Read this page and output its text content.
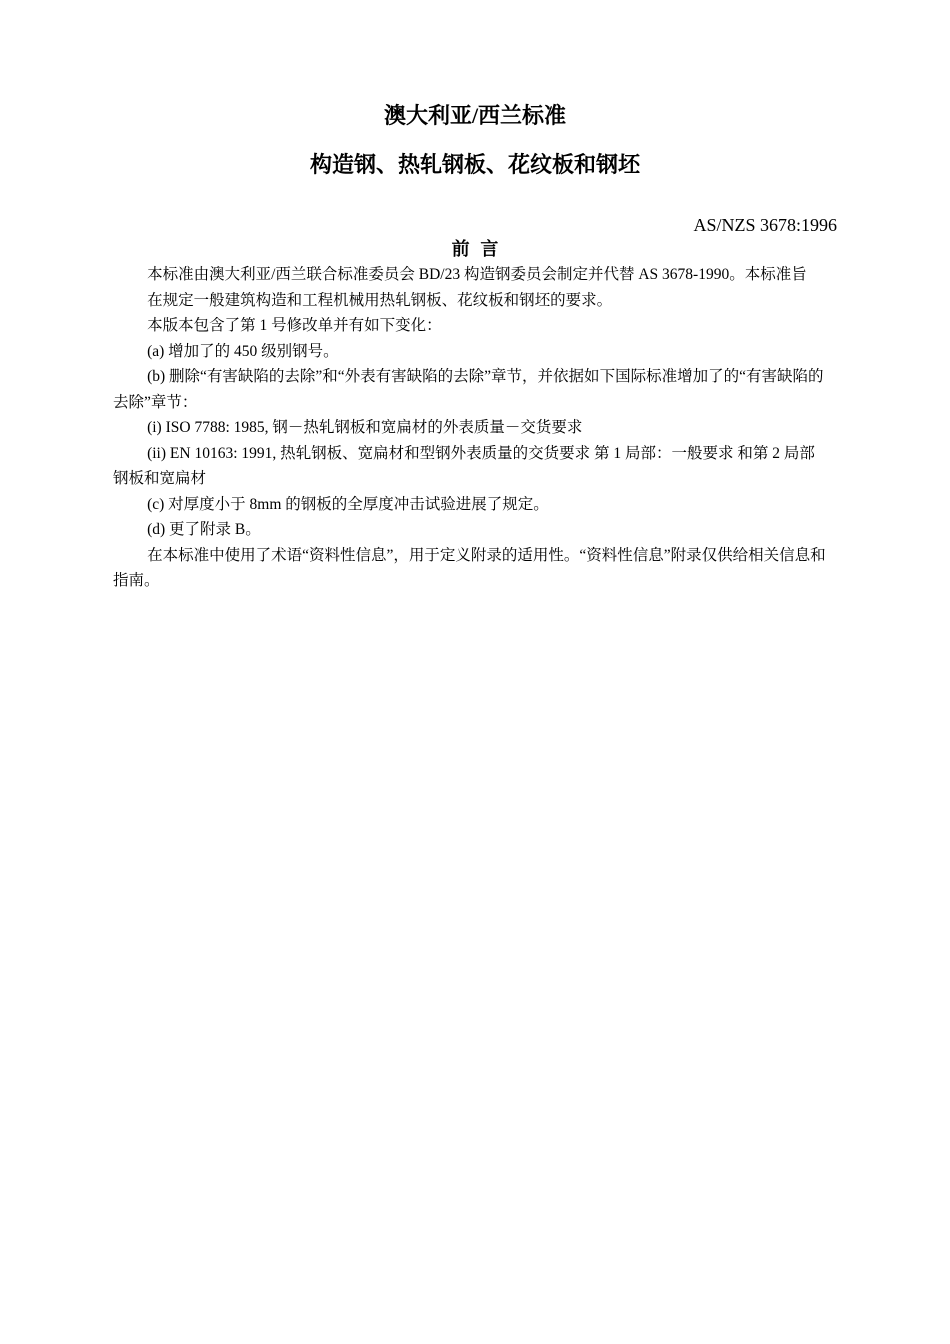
澳大利亚/西兰标准
构造钢、热轧钢板、花纹板和钢坯
AS/NZS 3678:1996
前言

本标准由澳大利亚/西兰联合标准委员会 BD/23 构造钢委员会制定并代替 AS 3678-1990。本标准旨在规定一般建筑构造和工程机械用热轧钢板、花纹板和钢坯的要求。

本版本包含了第 1 号修改单并有如下变化：

(a) 增加了的 450 级别钢号。

(b) 删除“有害缺陷的去除”和“外表有害缺陷的去除”章节，并依据如下国际标准增加了的“有害缺陷的去除”章节：

(i) ISO 7788: 1985, 钢－热轧钢板和宽扁材的外表质量－交货要求

(ii) EN 10163: 1991, 热轧钢板、宽扁材和型钢外表质量的交货要求 第 1 局部：一般要求 和第 2 局部 钢板和宽扁材

(c) 对厚度小于 8mm 的钢板的全厚度冲击试验进展了规定。

(d) 更了附录 B。

在本标准中使用了术语“资料性信息”，用于定义附录的适用性。“资料性信息”附录仅供给相关信息和指南。
